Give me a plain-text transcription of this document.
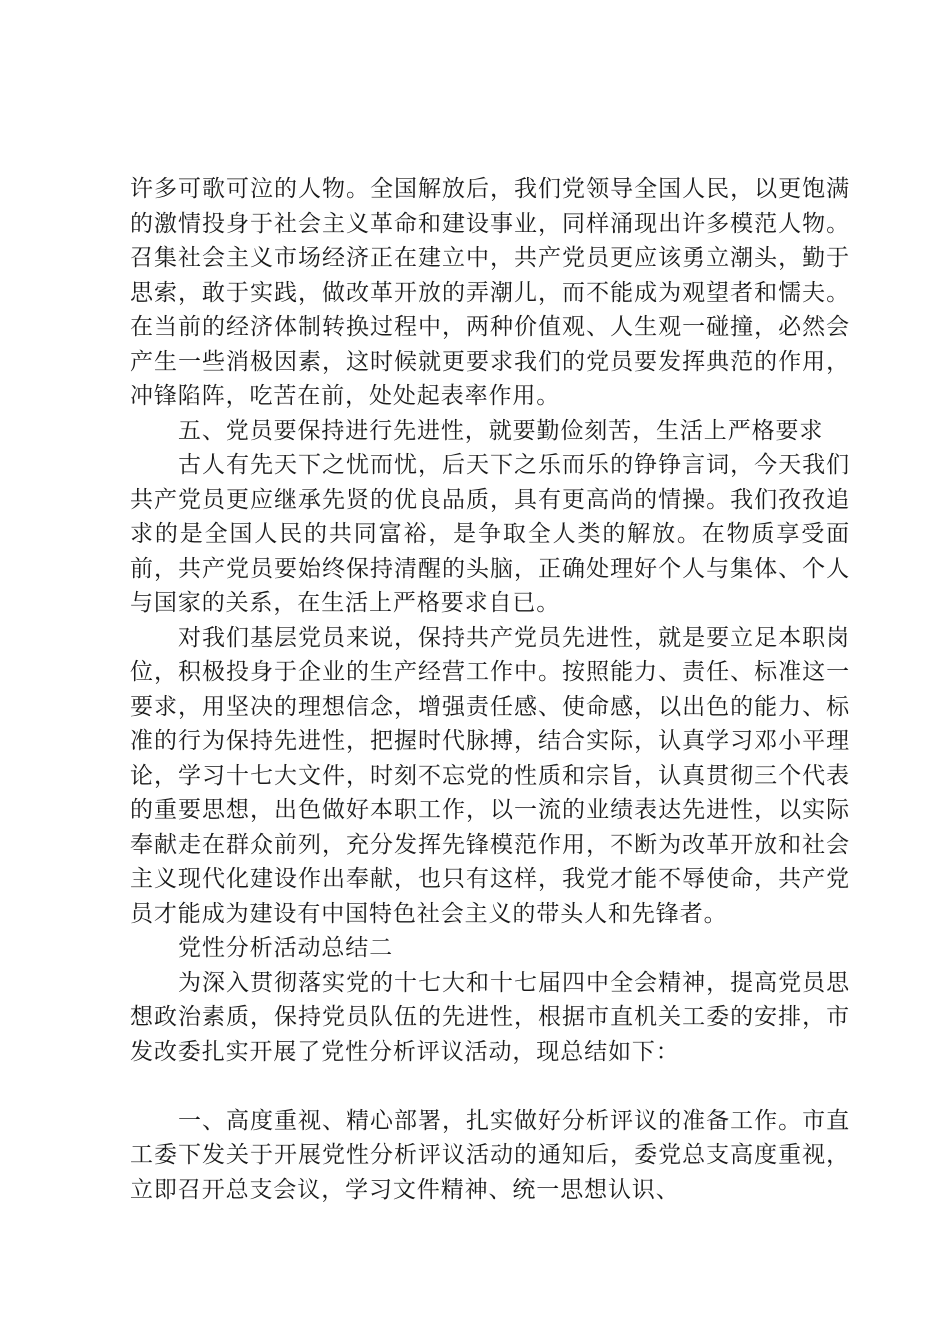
许多可歌可泣的人物。全国解放后，我们党领导全国人民，以更饱满的激情投身于社会主义革命和建设事业，同样涌现出许多模范人物。召集社会主义市场经济正在建立中，共产党员更应该勇立潮头，勤于思索，敢于实践，做改革开放的弄潮儿，而不能成为观望者和懦夫。在当前的经济体制转换过程中，两种价值观、人生观一碰撞，必然会产生一些消极因素，这时候就更要求我们的党员要发挥典范的作用，冲锋陷阵，吃苦在前，处处起表率作用。

五、党员要保持进行先进性，就要勤俭刻苦，生活上严格要求

古人有先天下之忧而忧，后天下之乐而乐的铮铮言词，今天我们共产党员更应继承先贤的优良品质，具有更高尚的情操。我们孜孜追求的是全国人民的共同富裕，是争取全人类的解放。在物质享受面前，共产党员要始终保持清醒的头脑，正确处理好个人与集体、个人与国家的关系，在生活上严格要求自已。

对我们基层党员来说，保持共产党员先进性，就是要立足本职岗位，积极投身于企业的生产经营工作中。按照能力、责任、标准这一要求，用坚决的理想信念，增强责任感、使命感，以出色的能力、标准的行为保持先进性，把握时代脉搏，结合实际，认真学习邓小平理论，学习十七大文件，时刻不忘党的性质和宗旨，认真贯彻三个代表的重要思想，出色做好本职工作，以一流的业绩表达先进性，以实际奉献走在群众前列，充分发挥先锋模范作用，不断为改革开放和社会主义现代化建设作出奉献，也只有这样，我党才能不辱使命，共产党员才能成为建设有中国特色社会主义的带头人和先锋者。

党性分析活动总结二

为深入贯彻落实党的十七大和十七届四中全会精神，提高党员思想政治素质，保持党员队伍的先进性，根据市直机关工委的安排，市发改委扎实开展了党性分析评议活动，现总结如下：

一、高度重视、精心部署，扎实做好分析评议的准备工作。市直工委下发关于开展党性分析评议活动的通知后，委党总支高度重视，立即召开总支会议，学习文件精神、统一思想认识、
